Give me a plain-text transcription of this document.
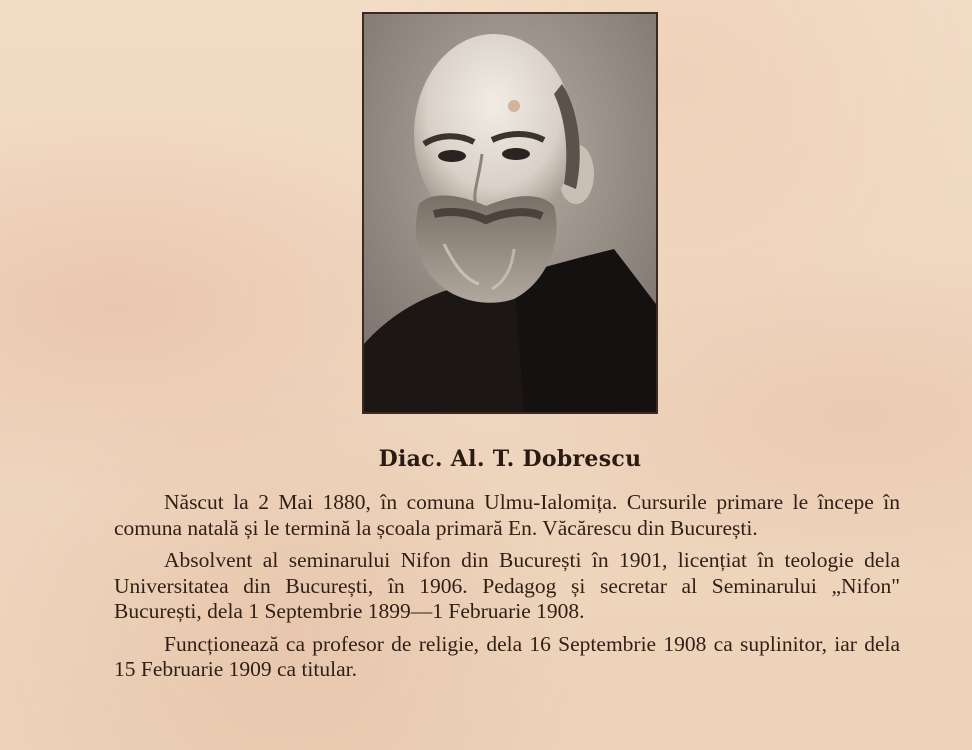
Diac. Al. T. Dobrescu

Născut la 2 Mai 1880, în comuna Ulmu-Ialomița. Cursurile primare le începe în comuna natală și le termină la școala primară En. Văcărescu din București.

Absolvent al seminarului Nifon din București în 1901, licențiat în teologie dela Universitatea din București, în 1906. Pedagog și secretar al Seminarului „Nifon" București, dela 1 Septembrie 1899—1 Februarie 1908.

Funcționează ca profesor de religie, dela 16 Septembrie 1908 ca suplinitor, iar dela 15 Februarie 1909 ca titular.
